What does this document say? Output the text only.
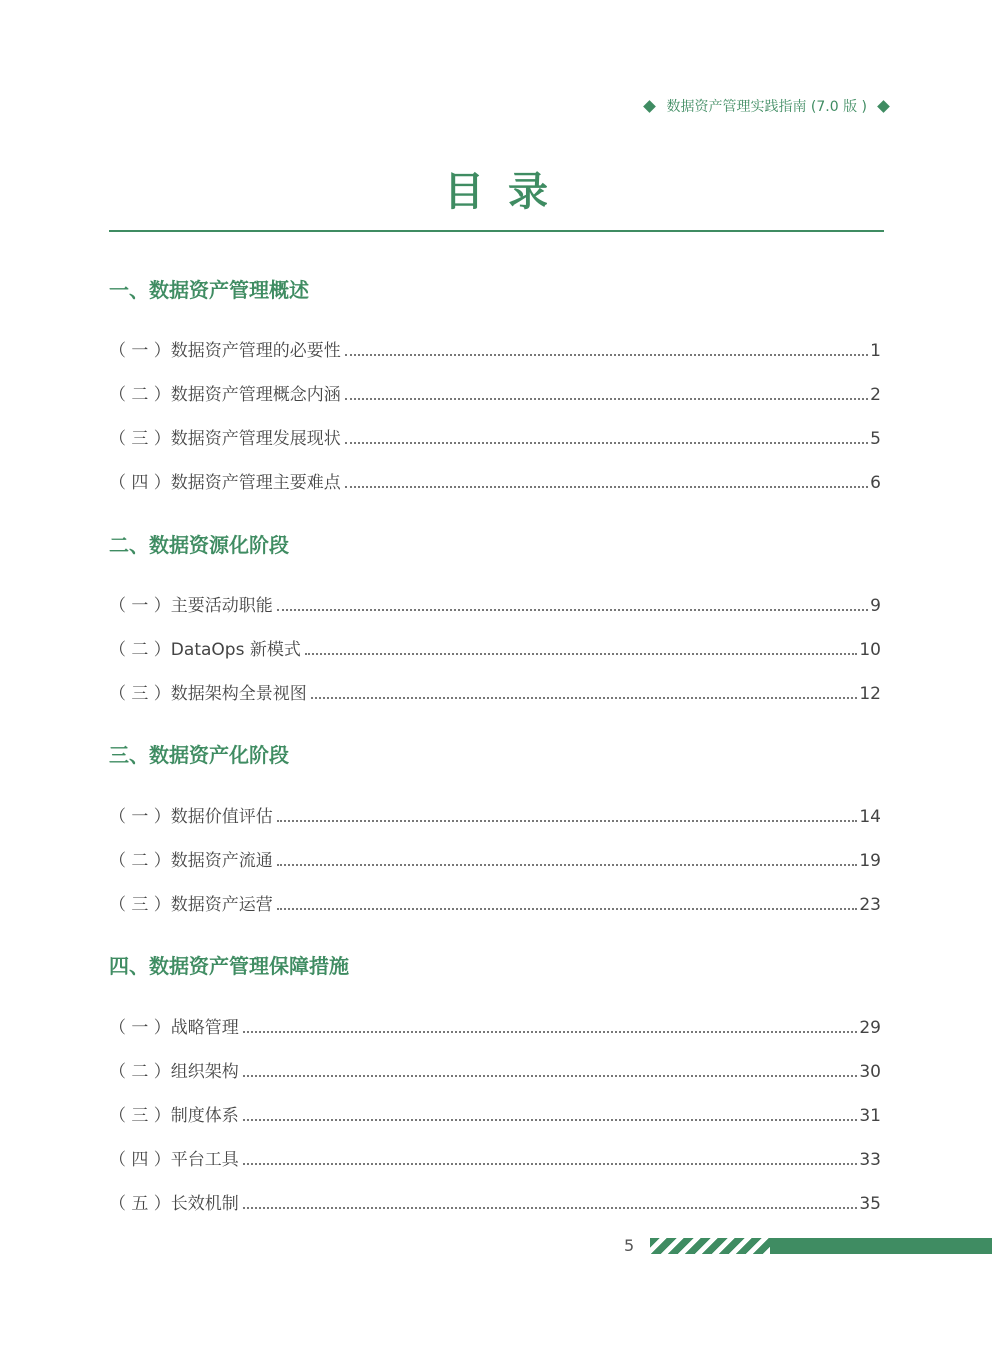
数据资产管理实践指南 (7.0 版 )
目录
一、数据资产管理概述
（ 一 ）数据资产管理的必要性	1
（ 二 ）数据资产管理概念内涵	2
（ 三 ）数据资产管理发展现状	5
（ 四 ）数据资产管理主要难点	6
二、数据资源化阶段
（ 一 ）主要活动职能	9
（ 二 ）DataOps 新模式	10
（ 三 ）数据架构全景视图	12
三、数据资产化阶段
（ 一 ）数据价值评估	14
（ 二 ）数据资产流通	19
（ 三 ）数据资产运营	23
四、数据资产管理保障措施
（ 一 ）战略管理	29
（ 二 ）组织架构	30
（ 三 ）制度体系	31
（ 四 ）平台工具	33
（ 五 ）长效机制	35
5
